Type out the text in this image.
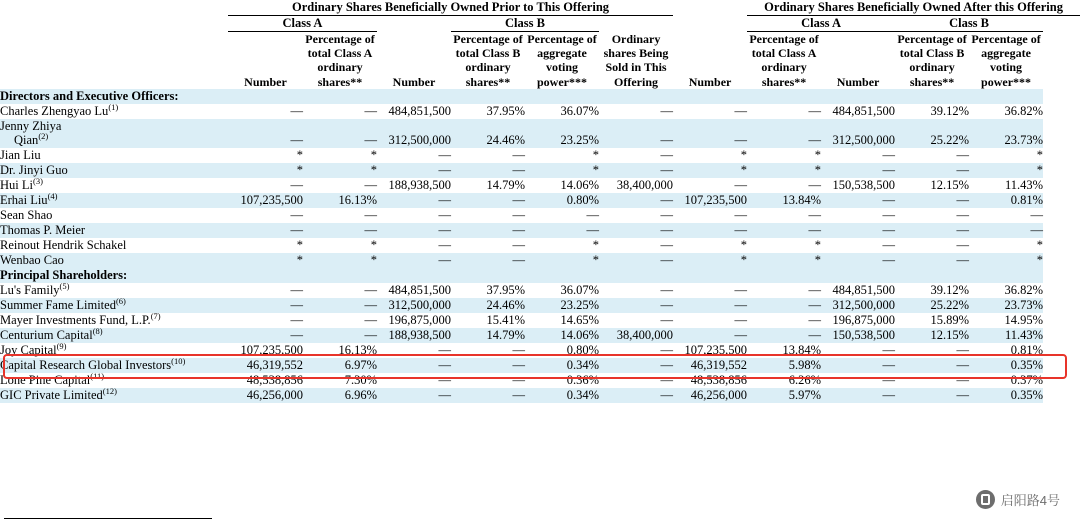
	Ordinary Shares Beneficially Owned Prior to This Offering							Ordinary Shares Beneficially Owned After this Offering				
	Class A			Class B				Class A		Class B		
	Number	Percentage of total Class A ordinary shares**	Number	Percentage of total Class B ordinary shares**	Percentage of aggregate voting power***	Ordinary shares Being Sold in This Offering	Number	Percentage of total Class A ordinary shares**	Number	Percentage of total Class B ordinary shares**	Percentage of aggregate voting power***	
Directors and Executive Officers:												
Charles Zhengyao Lu$^{(1)}$	—	—	484,851,500	37.95%	36.07%	—	—	—	484,851,500	39.12%	36.82%	
Jenny Zhiya
Qian$^{(2)}$	—	—	312,500,000	24.46%	23.25%	—	—	—	312,500,000	25.22%	23.73%	
Jian Liu	*	*	—	—	*	—	*	*	—	—	*	
Dr. Jinyi Guo	*	*	—	—	*	—	*	*	—	—	*	
Hui Li$^{(3)}$	—	—	188,938,500	14.79%	14.06%	38,400,000	—	—	150,538,500	12.15%	11.43%	
Erhai Liu$^{(4)}$	107,235,500	16.13%	—	—	0.80%	—	107,235,500	13.84%	—	—	0.81%	
Sean Shao	—	—	—	—	—	—	—	—	—	—	—	
Thomas P. Meier	—	—	—	—	—	—	—	—	—	—	—	
Reinout Hendrik Schakel	*	*	—	—	*	—	*	*	—	—	*	
Wenbao Cao	*	*	—	—	*	—	*	*	—	—	*	
Principal Shareholders:												
Lu's Family$^{(5)}$	—	—	484,851,500	37.95%	36.07%	—	—	—	484,851,500	39.12%	36.82%	
Summer Fame Limited$^{(6)}$	—	—	312,500,000	24.46%	23.25%	—	—	—	312,500,000	25.22%	23.73%	
Mayer Investments Fund, L.P.$^{(7)}$	—	—	196,875,000	15.41%	14.65%	—	—	—	196,875,000	15.89%	14.95%	
Centurium Capital$^{(8)}$	—	—	188,938,500	14.79%	14.06%	38,400,000	—	—	150,538,500	12.15%	11.43%	
Joy Capital$^{(9)}$	107,235,500	16.13%	—	—	0.80%	—	107,235,500	13.84%	—	—	0.81%	
Capital Research Global Investors$^{(10)}$	46,319,552	6.97%	—	—	0.34%	—	46,319,552	5.98%	—	—	0.35%	
Lone Pine Capital$^{(11)}$	48,538,856	7.30%	—	—	0.36%	—	48,538,856	6.26%	—	—	0.37%	
GIC Private Limited$^{(12)}$	46,256,000	6.96%	—	—	0.34%	—	46,256,000	5.97%	—	—	0.35%	
启阳路4号
